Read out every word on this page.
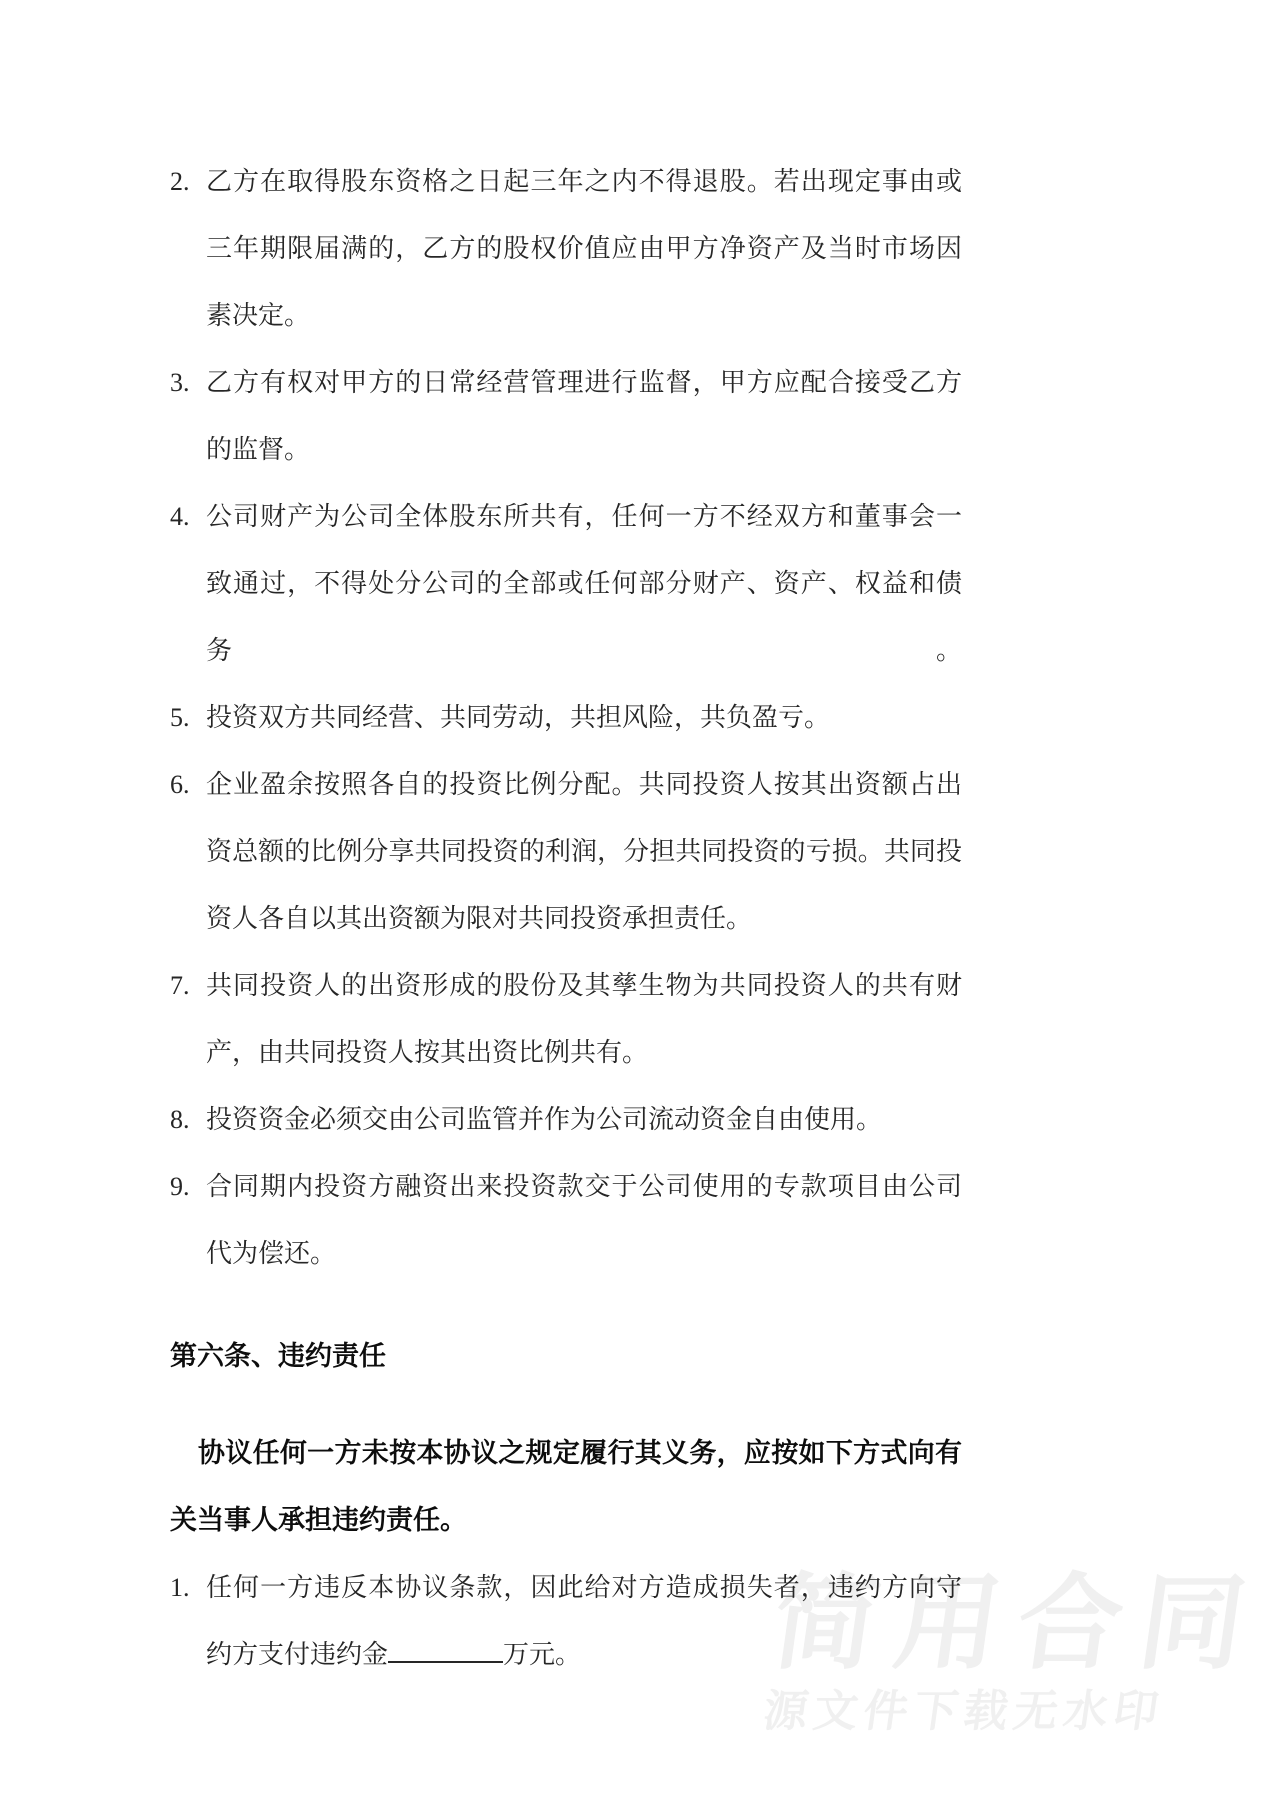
简用合同
源文件下载无水印
2. 乙方在取得股东资格之日起三年之内不得退股。若出现定事由或
三年期限届满的，乙方的股权价值应由甲方净资产及当时市场因
素决定。
3. 乙方有权对甲方的日常经营管理进行监督，甲方应配合接受乙方
的监督。
4. 公司财产为公司全体股东所共有，任何一方不经双方和董事会一
致通过，不得处分公司的全部或任何部分财产、资产、权益和债务。
5. 投资双方共同经营、共同劳动，共担风险，共负盈亏。
6. 企业盈余按照各自的投资比例分配。共同投资人按其出资额占出
资总额的比例分享共同投资的利润，分担共同投资的亏损。共同投
资人各自以其出资额为限对共同投资承担责任。
7. 共同投资人的出资形成的股份及其孳生物为共同投资人的共有财
产，由共同投资人按其出资比例共有。
8. 投资资金必须交由公司监管并作为公司流动资金自由使用。
9. 合同期内投资方融资出来投资款交于公司使用的专款项目由公司
代为偿还。
第六条、违约责任
协议任何一方未按本协议之规定履行其义务，应按如下方式向有
关当事人承担违约责任。
1. 任何一方违反本协议条款，因此给对方造成损失者，违约方向守
约方支付违约金	万元。
